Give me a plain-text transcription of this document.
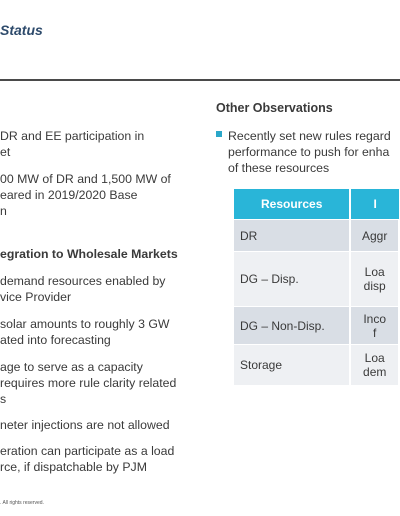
Status
DR and EE participation in
et
00 MW of DR and 1,500 MW of
eared in 2019/2020 Base
n
egration to Wholesale Markets
demand resources enabled by
vice Provider
solar amounts to roughly 3 GW
ated into forecasting
age to serve as a capacity
requires more rule clarity related
s
neter injections are not allowed
eration can participate as a load
rce, if dispatchable by PJM
Other Observations
Recently set new rules regard
performance to push for enha
of these resources
Resources	I
DR	Aggr
DG – Disp.	Loa
disp
DG – Non-Disp.	Inco
f
Storage	Loa
dem
. All rights reserved.
